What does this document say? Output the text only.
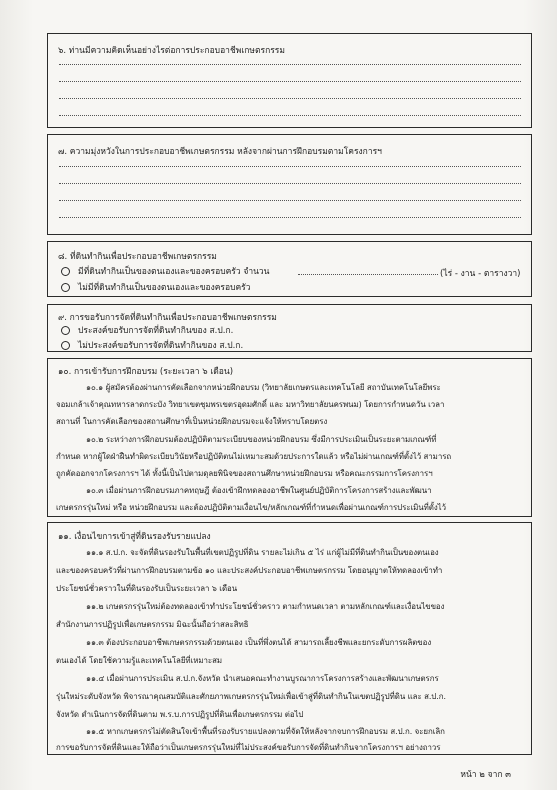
๖. ท่านมีความคิดเห็นอย่างไรต่อการประกอบอาชีพเกษตรกรรม
๗. ความมุ่งหวังในการประกอบอาชีพเกษตรกรรม หลังจากผ่านการฝึกอบรมตามโครงการฯ
๘. ที่ดินทำกินเพื่อประกอบอาชีพเกษตรกรรม
มีที่ดินทำกินเป็นของตนเองและของครอบครัว จำนวน	(ไร่ - งาน - ตารางวา)
ไม่มีที่ดินทำกินเป็นของตนเองและของครอบครัว
๙. การขอรับการจัดที่ดินทำกินเพื่อประกอบอาชีพเกษตรกรรม
ประสงค์ขอรับการจัดที่ดินทำกินของ ส.ป.ก.
ไม่ประสงค์ขอรับการจัดที่ดินทำกินของ ส.ป.ก.
๑๐. การเข้ารับการฝึกอบรม (ระยะเวลา ๖ เดือน)
๑๐.๑ ผู้สมัครต้องผ่านการคัดเลือกจากหน่วยฝึกอบรม (วิทยาลัยเกษตรและเทคโนโลยี สถาบันเทคโนโลยีพระ
จอมเกล้าเจ้าคุณทหารลาดกระบัง วิทยาเขตชุมพรเขตรอุดมศักดิ์ และ มหาวิทยาลัยนครพนม) โดยการกำหนดวัน เวลา
สถานที่ ในการคัดเลือกของสถานศึกษาที่เป็นหน่วยฝึกอบรมจะแจ้งให้ทราบโดยตรง
๑๐.๒ ระหว่างการฝึกอบรมต้องปฏิบัติตามระเบียบของหน่วยฝึกอบรม ซึ่งมีการประเมินเป็นระยะตามเกณฑ์ที่
กำหนด หากผู้ใดฝ่าฝืนทำผิดระเบียบวินัยหรือปฏิบัติตนไม่เหมาะสมด้วยประการใดแล้ว หรือไม่ผ่านเกณฑ์ที่ตั้งไว้ สามารถ
ถูกคัดออกจากโครงการฯ ได้ ทั้งนี้เป็นไปตามดุลยพินิจของสถานศึกษาหน่วยฝึกอบรม หรือคณะกรรมการโครงการฯ
๑๐.๓ เมื่อผ่านการฝึกอบรมภาคทฤษฎี ต้องเข้าฝึกทดลองอาชีพในศูนย์ปฏิบัติการโครงการสร้างและพัฒนา
เกษตรกรรุ่นใหม่ หรือ หน่วยฝึกอบรม และต้องปฏิบัติตามเงื่อนไข/หลักเกณฑ์ที่กำหนดเพื่อผ่านเกณฑ์การประเมินที่ตั้งไว้
๑๑. เงื่อนไขการเข้าสู่ที่ดินรองรับรายแปลง
๑๑.๑ ส.ป.ก. จะจัดที่ดินรองรับในพื้นที่เขตปฏิรูปที่ดิน รายละไม่เกิน ๕ ไร่ แก่ผู้ไม่มีที่ดินทำกินเป็นของตนเอง
และของครอบครัวที่ผ่านการฝึกอบรมตามข้อ ๑๐ และประสงค์ประกอบอาชีพเกษตรกรรม โดยอนุญาตให้ทดลองเข้าทำ
ประโยชน์ชั่วคราวในที่ดินรองรับเป็นระยะเวลา ๖ เดือน
๑๑.๒ เกษตรกรรุ่นใหม่ต้องทดลองเข้าทำประโยชน์ชั่วคราว ตามกำหนดเวลา ตามหลักเกณฑ์และเงื่อนไขของ
สำนักงานการปฏิรูปเพื่อเกษตรกรรม มิฉะนั้นถือว่าสละสิทธิ
๑๑.๓ ต้องประกอบอาชีพเกษตรกรรมด้วยตนเอง เป็นที่พึ่งตนได้ สามารถเลี้ยงชีพและยกระดับการผลิตของ
ตนเองได้ โดยใช้ความรู้และเทคโนโลยีที่เหมาะสม
๑๑.๔ เมื่อผ่านการประเมิน ส.ป.ก.จังหวัด นำเสนอคณะทำงานบูรณาการโครงการสร้างและพัฒนาเกษตรกร
รุ่นใหม่ระดับจังหวัด พิจารณาคุณสมบัติและศักยภาพเกษตรกรรุ่นใหม่เพื่อเข้าสู่ที่ดินทำกินในเขตปฏิรูปที่ดิน และ ส.ป.ก.
จังหวัด ดำเนินการจัดที่ดินตาม พ.ร.บ.การปฏิรูปที่ดินเพื่อเกษตรกรรม ต่อไป
๑๑.๕ หากเกษตรกรไม่ตัดสินใจเข้าพื้นที่รองรับรายแปลงตามที่จัดให้หลังจากจบการฝึกอบรม ส.ป.ก. จะยกเลิก
การขอรับการจัดที่ดินและให้ถือว่าเป็นเกษตรกรรุ่นใหม่ที่ไม่ประสงค์ขอรับการจัดที่ดินทำกินจากโครงการฯ อย่างถาวร
หน้า ๒ จาก ๓
